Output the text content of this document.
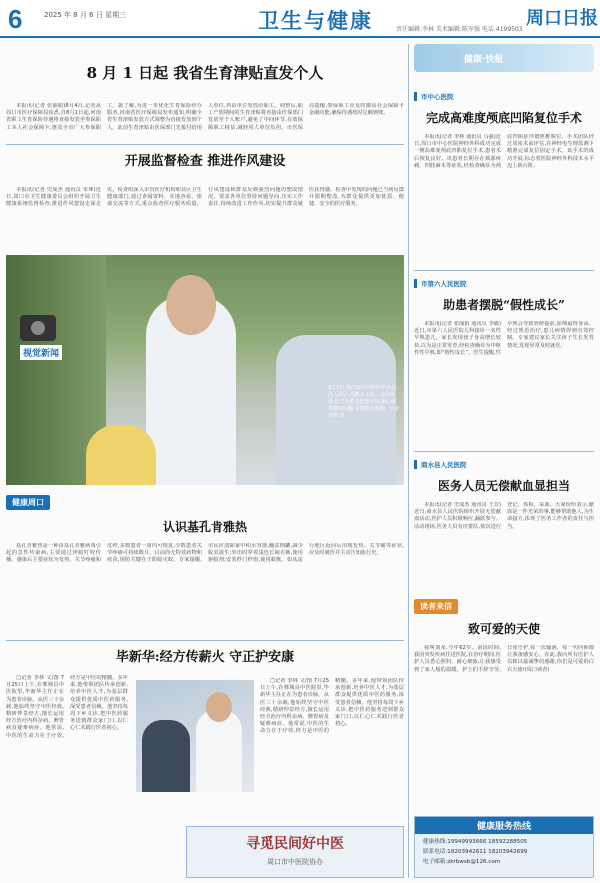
6	2025 年 8 月 6 日 星期三	卫生与健康	责任编辑:李林 美术编辑:陈军强 电话:4199503
周口日报
8 月 1 日起 我省生育津贴直发个人
本报讯(记者 张丽娟)8月4日,记者从周口市医疗保障局获悉,自8月1日起,河南省职工生育保险待遇将直接发放至参保职工本人社会保障卡,惠及全市广大参保职工。据了解,为进一步优化生育保险经办服务,河南省医疗保障局发布通知,明确全省生育津贴发放方式调整为直接发放到个人。此前生育津贴由医保部门先拨付给用人单位,再由单位发放给职工。调整后,职工产假期间的生育津贴将直接由医保部门发放至个人账户,避免了中间环节,有效保障职工权益,减轻用人单位负担。市医保局提醒,参保职工应及时激活社会保障卡金融功能,确保待遇按时足额到账。
开展监督检查 推进作风建设
本报讯(记者 史成杰 通讯员 朱坤)近日,周口市卫生健康委员会组织开展卫生健康系统监督检查,推进作风建设走深走实。检查组深入市直医疗机构和县区卫生健康部门,通过查阅资料、实地查看、座谈交流等方式,重点检查医疗服务质量、行风建设和群众反映强烈问题的整改情况。要求各单位坚持问题导向,压实工作责任,持续改进工作作风,切实提升群众就医获得感。检查中发现的问题已当场反馈并限期整改,为群众提供更加优质、便捷、安全的医疗服务。
视觉新闻
8月5日,周口市中医院医护人员深入社区,为群众义诊。义诊现场,医生为群众把脉问诊,耐心解答健康问题,受到群众欢迎。记者 李朝 摄
健康周口
认识基孔肯雅热
基孔肯雅热是一种由基孔肯雅病毒引起的急性传染病,主要通过伊蚊叮咬传播。感染后主要症状为发热、关节疼痛和皮疹,多数患者一周内可恢复,少数患者关节疼痛可持续数月。目前尚无特效药物和疫苗,预防关键在于防蚊灭蚊。专家提醒,市民应清除家中积水容器,翻盆倒罐,减少蚊虫滋生;外出时穿着浅色长袖衣裤,使用驱蚊剂;安装纱门纱窗,使用蚊帐。如从流行地区返回后出现发热、关节痛等症状,应及时就医并主动告知旅行史。
毕新华:经方传薪火 守正护安康
□记者 李林 文/图 7月25日上午,在郸城县中医院里,毕新华主任正在为患者诊脉。从医三十余载,他始终坚守中医经典,精研仲景经方,擅长运用经方治疗内科杂病、脾胃病及疑难病症。他常说,中医的生命力在于疗效,经方是中医的精髓。多年来,他带领团队传承创新,培养中医人才,为基层群众提供优质中医药服务,深受患者信赖。他坚持每周下乡义诊,把中医药服务送到群众家门口,以仁心仁术践行医者初心。
□记者 李林 文/图 7月25日上午,在郸城县中医院里,毕新华主任正在为患者诊脉。从医三十余载,他始终坚守中医经典,精研仲景经方,擅长运用经方治疗内科杂病、脾胃病及疑难病症。他常说,中医的生命力在于疗效,经方是中医的精髓。多年来,他带领团队传承创新,培养中医人才,为基层群众提供优质中医药服务,深受患者信赖。他坚持每周下乡义诊,把中医药服务送到群众家门口,以仁心仁术践行医者初心。
寻觅民间好中医
周口市中医院协办
健康·快报
市中心医院
完成高难度颅底凹陷复位手术
本报讯(记者 李林 通讯员 马强)近日,周口市中心医院神经外科成功完成一例高难度颅底凹陷复位手术,患者术后恢复良好。该患者长期存在颈部疼痛、四肢麻木等症状,经检查确诊为颅底凹陷症伴寰枢椎脱位。手术团队经过周密术前评估,在神经电生理监测下精准完成复位固定手术。该手术的成功开展,标志着医院神经外科技术水平迈上新台阶。
市第六人民医院
助患者摆脱“假性成长”
本报讯(记者 张丽娟 通讯员 李敏)近日,市第六人民医院儿科接诊一名性早熟患儿。家长发现孩子身高增长较快,以为是正常发育,经检查确诊为中枢性性早熟,即“假性成长”。医生提醒,性早熟会导致骨龄提前,影响最终身高。经过规范治疗,患儿病情得到有效控制。专家建议家长关注孩子生长发育情况,发现异常及时就医。
商水县人民医院
医务人员无偿献血显担当
本报讯(记者 史成杰 通讯员 王芳)近日,商水县人民医院组织开展无偿献血活动,医护人员积极响应,踊跃参与。活动现场,医务人员有序排队,依次进行登记、体检、采血。大家纷纷表示,献血是一件光荣的事,能够帮助他人,为生命接力,体现了医务工作者的责任与担当。
读者来信
致可爱的天使
我叫刘某,今年62岁。前段时间,我因突发疾病住进医院,在治疗期间,医护人员悉心照料、耐心细致,让我感受到了家人般的温暖。护士们不辞辛劳,日夜守护,每一次输液、每一句问候都让我备感安心。在此,我向所有医护人员致以最诚挚的感谢,你们是可爱的白衣天使!(周口读者)
健康服务热线
健康热线:19949993666 18592288505
联系电话:18203942611 18203942699
电子邮箱:zkrbwsb@126.com
